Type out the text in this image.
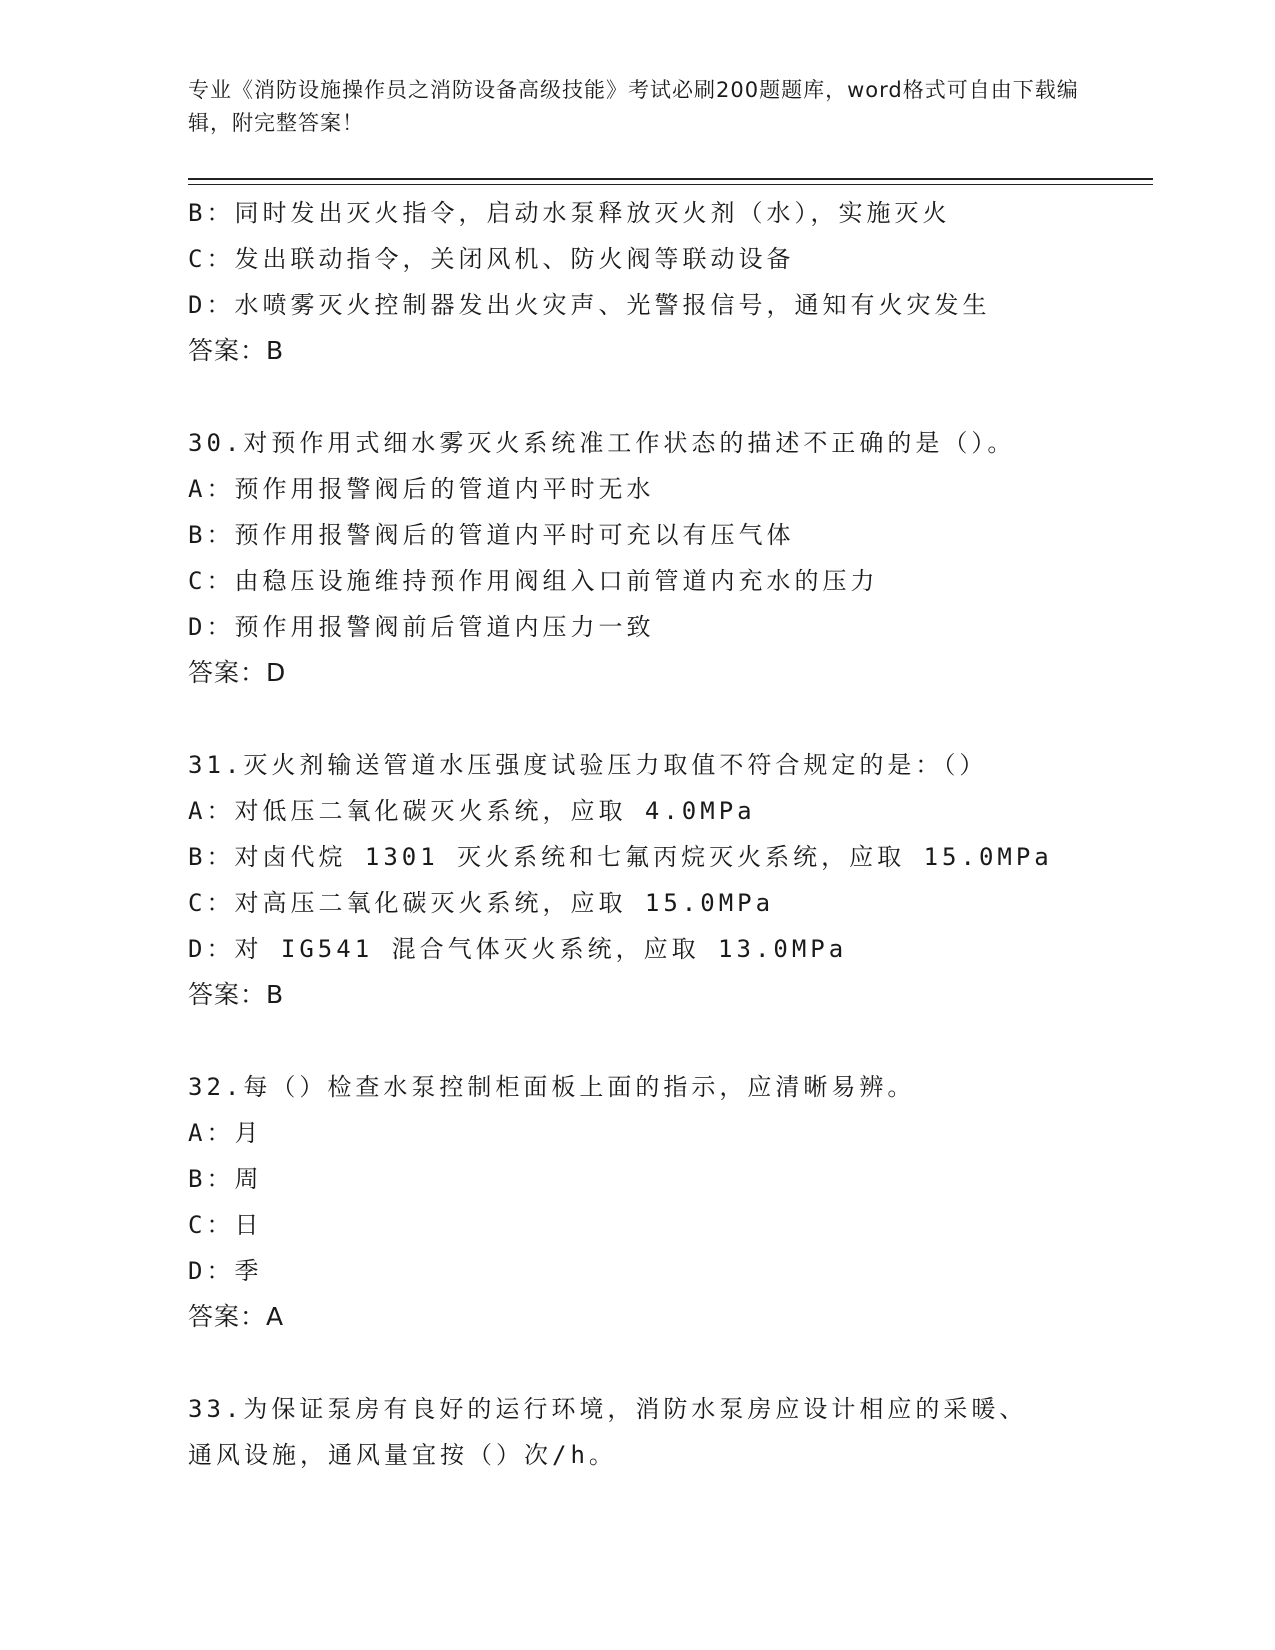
专业《消防设施操作员之消防设备高级技能》考试必刷200题题库，word格式可自由下载编辑，附完整答案！
B：同时发出灭火指令，启动水泵释放灭火剂（水），实施灭火
C：发出联动指令，关闭风机、防火阀等联动设备
D：水喷雾灭火控制器发出火灾声、光警报信号，通知有火灾发生
答案：B
30.对预作用式细水雾灭火系统准工作状态的描述不正确的是（）。
A：预作用报警阀后的管道内平时无水
B：预作用报警阀后的管道内平时可充以有压气体
C：由稳压设施维持预作用阀组入口前管道内充水的压力
D：预作用报警阀前后管道内压力一致
答案：D
31.灭火剂输送管道水压强度试验压力取值不符合规定的是：（）
A：对低压二氧化碳灭火系统，应取 4.0MPa
B：对卤代烷 1301 灭火系统和七氟丙烷灭火系统，应取 15.0MPa
C：对高压二氧化碳灭火系统，应取 15.0MPa
D：对 IG541 混合气体灭火系统，应取 13.0MPa
答案：B
32.每（）检查水泵控制柜面板上面的指示，应清晰易辨。
A：月
B：周
C：日
D：季
答案：A
33.为保证泵房有良好的运行环境，消防水泵房应设计相应的采暖、通风设施，通风量宜按（）次/h。
